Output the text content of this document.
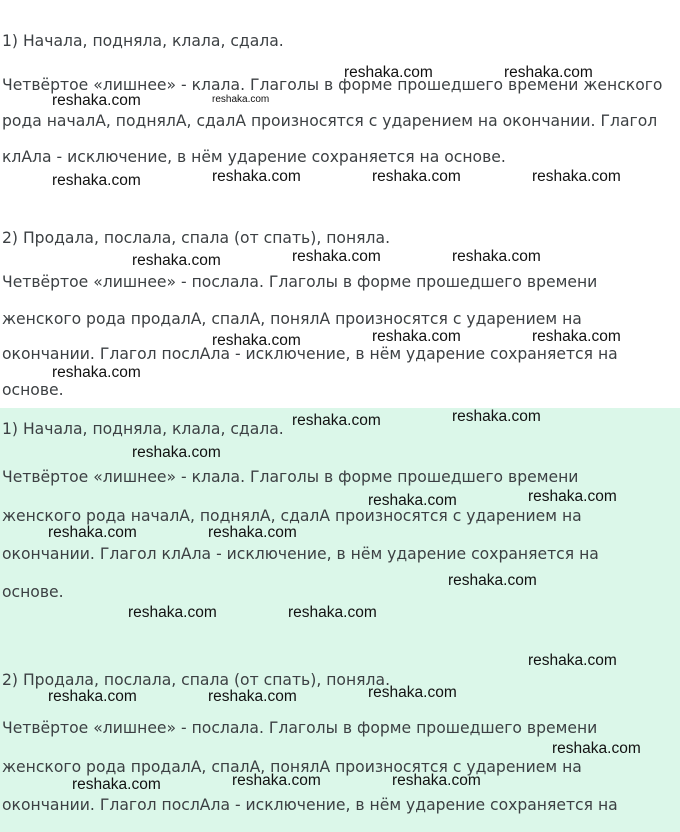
1) Начала, подняла, клала, сдала.
Четвёртое «лишнее» - клала. Глаголы в форме прошедшего времени женского
рода началА, поднялА, сдалА произносятся с ударением на окончании. Глагол
клАла - исключение, в нём ударение сохраняется на основе.
2) Продала, послала, спала (от спать), поняла.
Четвёртое «лишнее» - послала. Глаголы в форме прошедшего времени
женского рода продалА, спалА, понялА произносятся с ударением на
окончании. Глагол послАла - исключение, в нём ударение сохраняется на
основе.
1) Начала, подняла, клала, сдала.
Четвёртое «лишнее» - клала. Глаголы в форме прошедшего времени
женского рода началА, поднялА, сдалА произносятся с ударением на
окончании. Глагол клАла - исключение, в нём ударение сохраняется на
основе.
2) Продала, послала, спала (от спать), поняла.
Четвёртое «лишнее» - послала. Глаголы в форме прошедшего времени
женского рода продалА, спалА, понялА произносятся с ударением на
окончании. Глагол послАла - исключение, в нём ударение сохраняется на
reshaka.com	reshaka.com
reshaka.com	reshaka.com
reshaka.com	reshaka.com	reshaka.com	reshaka.com
reshaka.com	reshaka.com	reshaka.com
reshaka.com	reshaka.com	reshaka.com
reshaka.com
reshaka.com	reshaka.com
reshaka.com
reshaka.com	reshaka.com
reshaka.com	reshaka.com
reshaka.com
reshaka.com	reshaka.com
reshaka.com
reshaka.com	reshaka.com	reshaka.com
reshaka.com
reshaka.com	reshaka.com
reshaka.com
